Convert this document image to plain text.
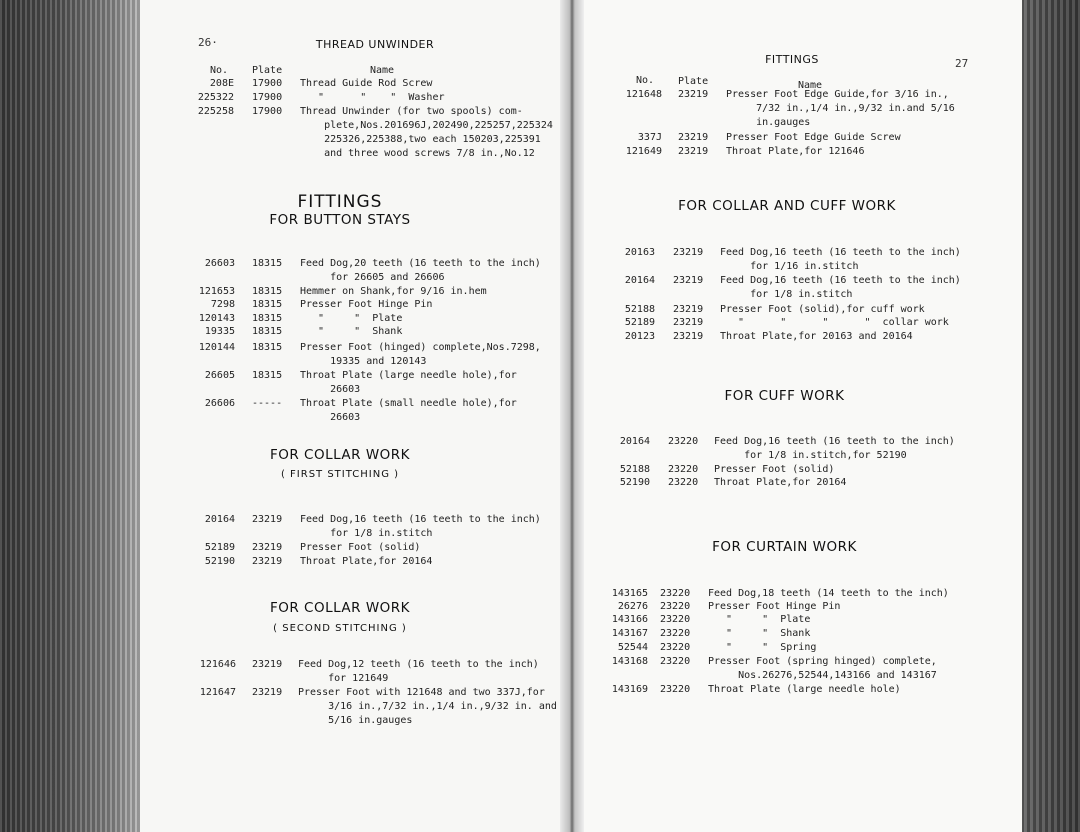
26·	THREAD UNWINDER
No. Plate	Name
208E 17900	Thread Guide Rod Screw
225322 17900	"      "    "  Washer
225258 17900	Thread Unwinder (for two spools) com-
plete,Nos.201696J,202490,225257,225324
225326,225388,two each 150203,225391
and three wood screws 7/8 in.,No.12
FITTINGS
FOR BUTTON STAYS
26603 18315	Feed Dog,20 teeth (16 teeth to the inch)
for 26605 and 26606
121653 18315	Hemmer on Shank,for 9/16 in.hem
7298 18315	Presser Foot Hinge Pin
120143 18315	"     "  Plate
19335 18315	"     "  Shank
120144 18315	Presser Foot (hinged) complete,Nos.7298,
19335 and 120143
26605 18315	Throat Plate (large needle hole),for
26603
26606 -----	Throat Plate (small needle hole),for
26603
FOR COLLAR WORK
( FIRST STITCHING )
20164 23219	Feed Dog,16 teeth (16 teeth to the inch)
for 1/8 in.stitch
52189 23219	Presser Foot (solid)
52190 23219	Throat Plate,for 20164
FOR COLLAR WORK
( SECOND STITCHING )
121646 23219	Feed Dog,12 teeth (16 teeth to the inch)
for 121649
121647 23219	Presser Foot with 121648 and two 337J,for
3/16 in.,7/32 in.,1/4 in.,9/32 in. and
5/16 in.gauges
FITTINGS	27
No. Plate	Name
121648 23219	Presser Foot Edge Guide,for 3/16 in.,
7/32 in.,1/4 in.,9/32 in.and 5/16
in.gauges
337J 23219	Presser Foot Edge Guide Screw
121649 23219	Throat Plate,for 121646
FOR COLLAR AND CUFF WORK
20163 23219	Feed Dog,16 teeth (16 teeth to the inch)
for 1/16 in.stitch
20164 23219	Feed Dog,16 teeth (16 teeth to the inch)
for 1/8 in.stitch
52188 23219	Presser Foot (solid),for cuff work
52189 23219	"      "      "      "  collar work
20123 23219	Throat Plate,for 20163 and 20164
FOR CUFF WORK
20164 23220	Feed Dog,16 teeth (16 teeth to the inch)
for 1/8 in.stitch,for 52190
52188 23220	Presser Foot (solid)
52190 23220	Throat Plate,for 20164
FOR CURTAIN WORK
143165 23220	Feed Dog,18 teeth (14 teeth to the inch)
26276 23220	Presser Foot Hinge Pin
143166 23220	"     "  Plate
143167 23220	"     "  Shank
52544 23220	"     "  Spring
143168 23220	Presser Foot (spring hinged) complete,
Nos.26276,52544,143166 and 143167
143169 23220	Throat Plate (large needle hole)
